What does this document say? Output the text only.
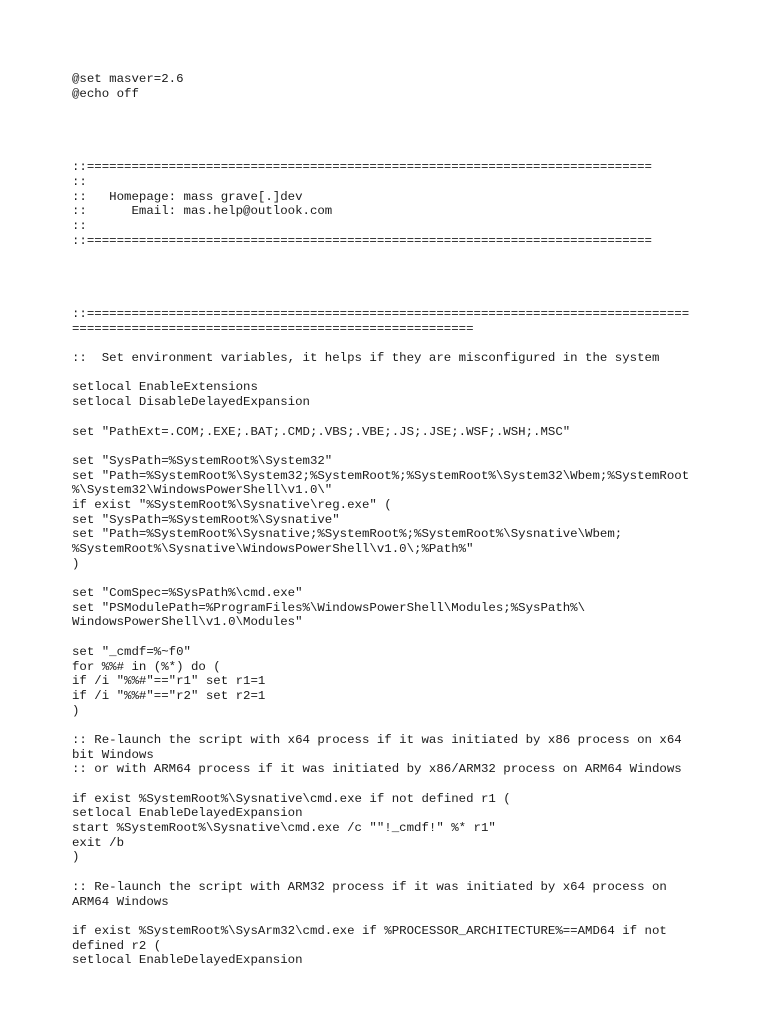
@set masver=2.6
@echo off
::============================================================================
::
::   Homepage: mass grave[.]dev
::      Email: mas.help@outlook.com
::
::============================================================================
::=================================================================================
======================================================
::  Set environment variables, it helps if they are misconfigured in the system
setlocal EnableExtensions
setlocal DisableDelayedExpansion
set "PathExt=.COM;.EXE;.BAT;.CMD;.VBS;.VBE;.JS;.JSE;.WSF;.WSH;.MSC"
set "SysPath=%SystemRoot%\System32"
set "Path=%SystemRoot%\System32;%SystemRoot%;%SystemRoot%\System32\Wbem;%SystemRoot
%\System32\WindowsPowerShell\v1.0\"
if exist "%SystemRoot%\Sysnative\reg.exe" (
set "SysPath=%SystemRoot%\Sysnative"
set "Path=%SystemRoot%\Sysnative;%SystemRoot%;%SystemRoot%\Sysnative\Wbem;
%SystemRoot%\Sysnative\WindowsPowerShell\v1.0\;%Path%"
)
set "ComSpec=%SysPath%\cmd.exe"
set "PSModulePath=%ProgramFiles%\WindowsPowerShell\Modules;%SysPath%\
WindowsPowerShell\v1.0\Modules"
set "_cmdf=%~f0"
for %%# in (%*) do (
if /i "%%#"=="r1" set r1=1
if /i "%%#"=="r2" set r2=1
)
:: Re-launch the script with x64 process if it was initiated by x86 process on x64
bit Windows
:: or with ARM64 process if it was initiated by x86/ARM32 process on ARM64 Windows
if exist %SystemRoot%\Sysnative\cmd.exe if not defined r1 (
setlocal EnableDelayedExpansion
start %SystemRoot%\Sysnative\cmd.exe /c ""!_cmdf!" %* r1"
exit /b
)
:: Re-launch the script with ARM32 process if it was initiated by x64 process on
ARM64 Windows
if exist %SystemRoot%\SysArm32\cmd.exe if %PROCESSOR_ARCHITECTURE%==AMD64 if not
defined r2 (
setlocal EnableDelayedExpansion
